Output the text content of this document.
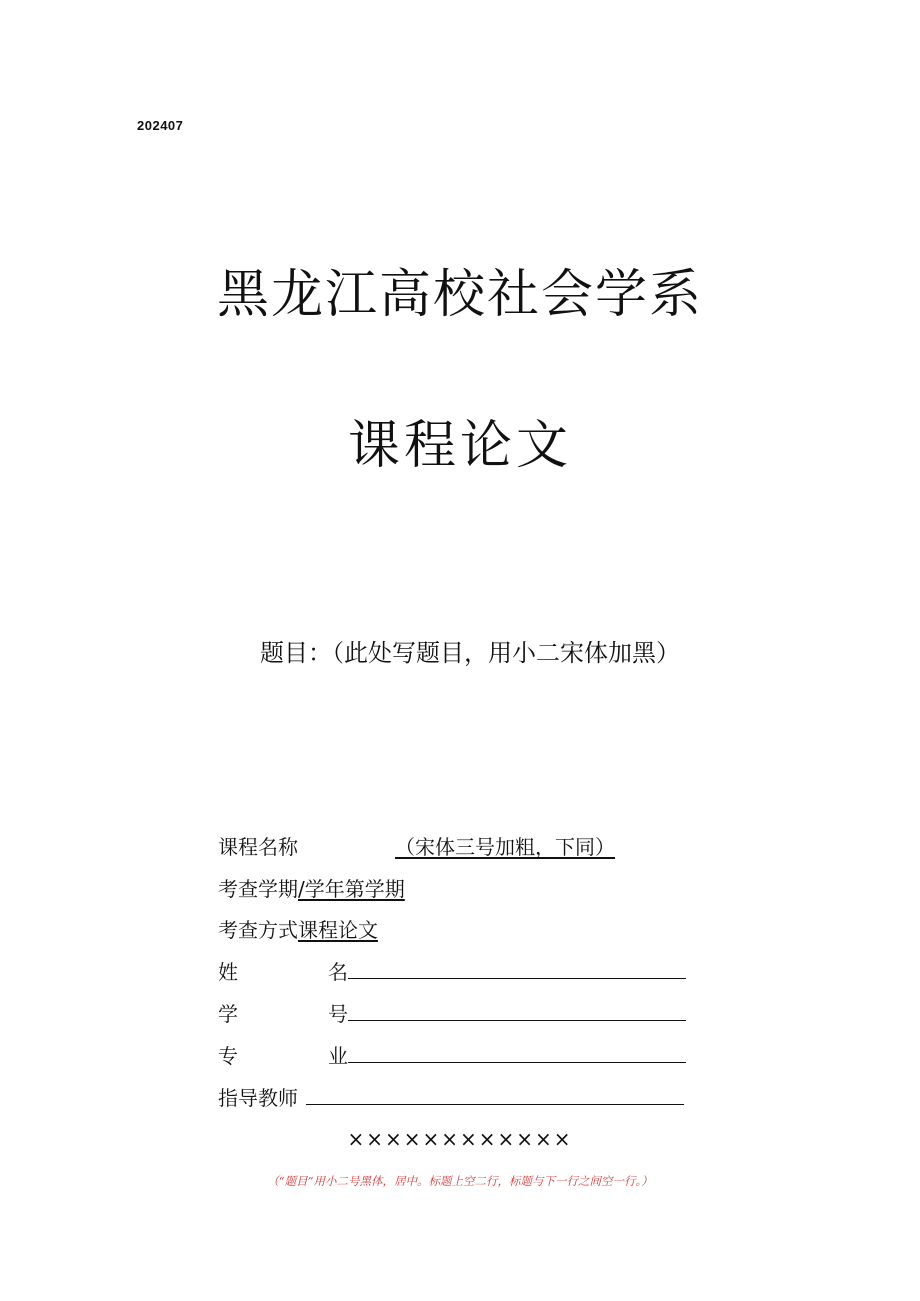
202407
黑龙江高校社会学系
课程论文
题目：（此处写题目，用小二宋体加黑）
课程名称	（宋体三号加粗，下同）
考查学期 /学年第学期
考查方式 课程论文
姓	名
学	号
专	业
指导教师
××××××××××××
（“题目”用小二号黑体，居中。标题上空二行，标题与下一行之间空一行。）
